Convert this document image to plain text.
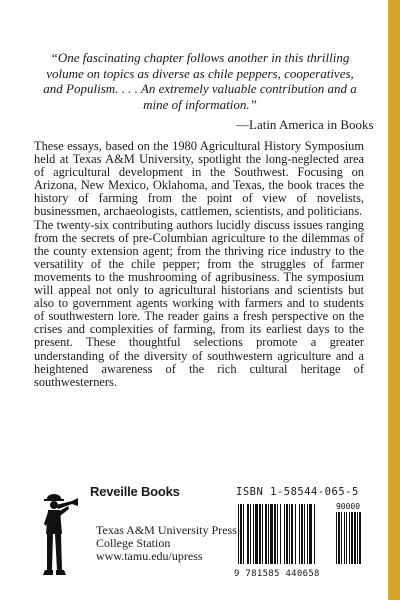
“One fascinating chapter follows another in this thrilling volume on topics as diverse as chile peppers, cooperatives, and Populism. . . . An extremely valuable contribution and a mine of information.”

—Latin America in Books

These essays, based on the 1980 Agricultural History Symposium held at Texas A&M University, spotlight the long-neglected area of agricultural development in the Southwest. Focusing on Arizona, New Mexico, Oklahoma, and Texas, the book traces the history of farming from the point of view of novelists, businessmen, archaeologists, cattlemen, scientists, and politicians.

The twenty-six contributing authors lucidly discuss issues ranging from the secrets of pre-Columbian agriculture to the dilemmas of the county extension agent; from the thriving rice industry to the versatility of the chile pepper; from the struggles of farmer movements to the mushrooming of agribusiness. The symposium will appeal not only to agricultural historians and scientists but also to government agents working with farmers and to students of southwestern lore. The reader gains a fresh perspective on the crises and complexities of farming, from its earliest days to the present. These thoughtful selections promote a greater understanding of the diversity of southwestern agriculture and a heightened awareness of the rich cultural heritage of southwesterners.

Reveille Books
Texas A&M University Press
College Station
www.tamu.edu/upress
ISBN 1-58544-065-5
90000
9 781585 440658
